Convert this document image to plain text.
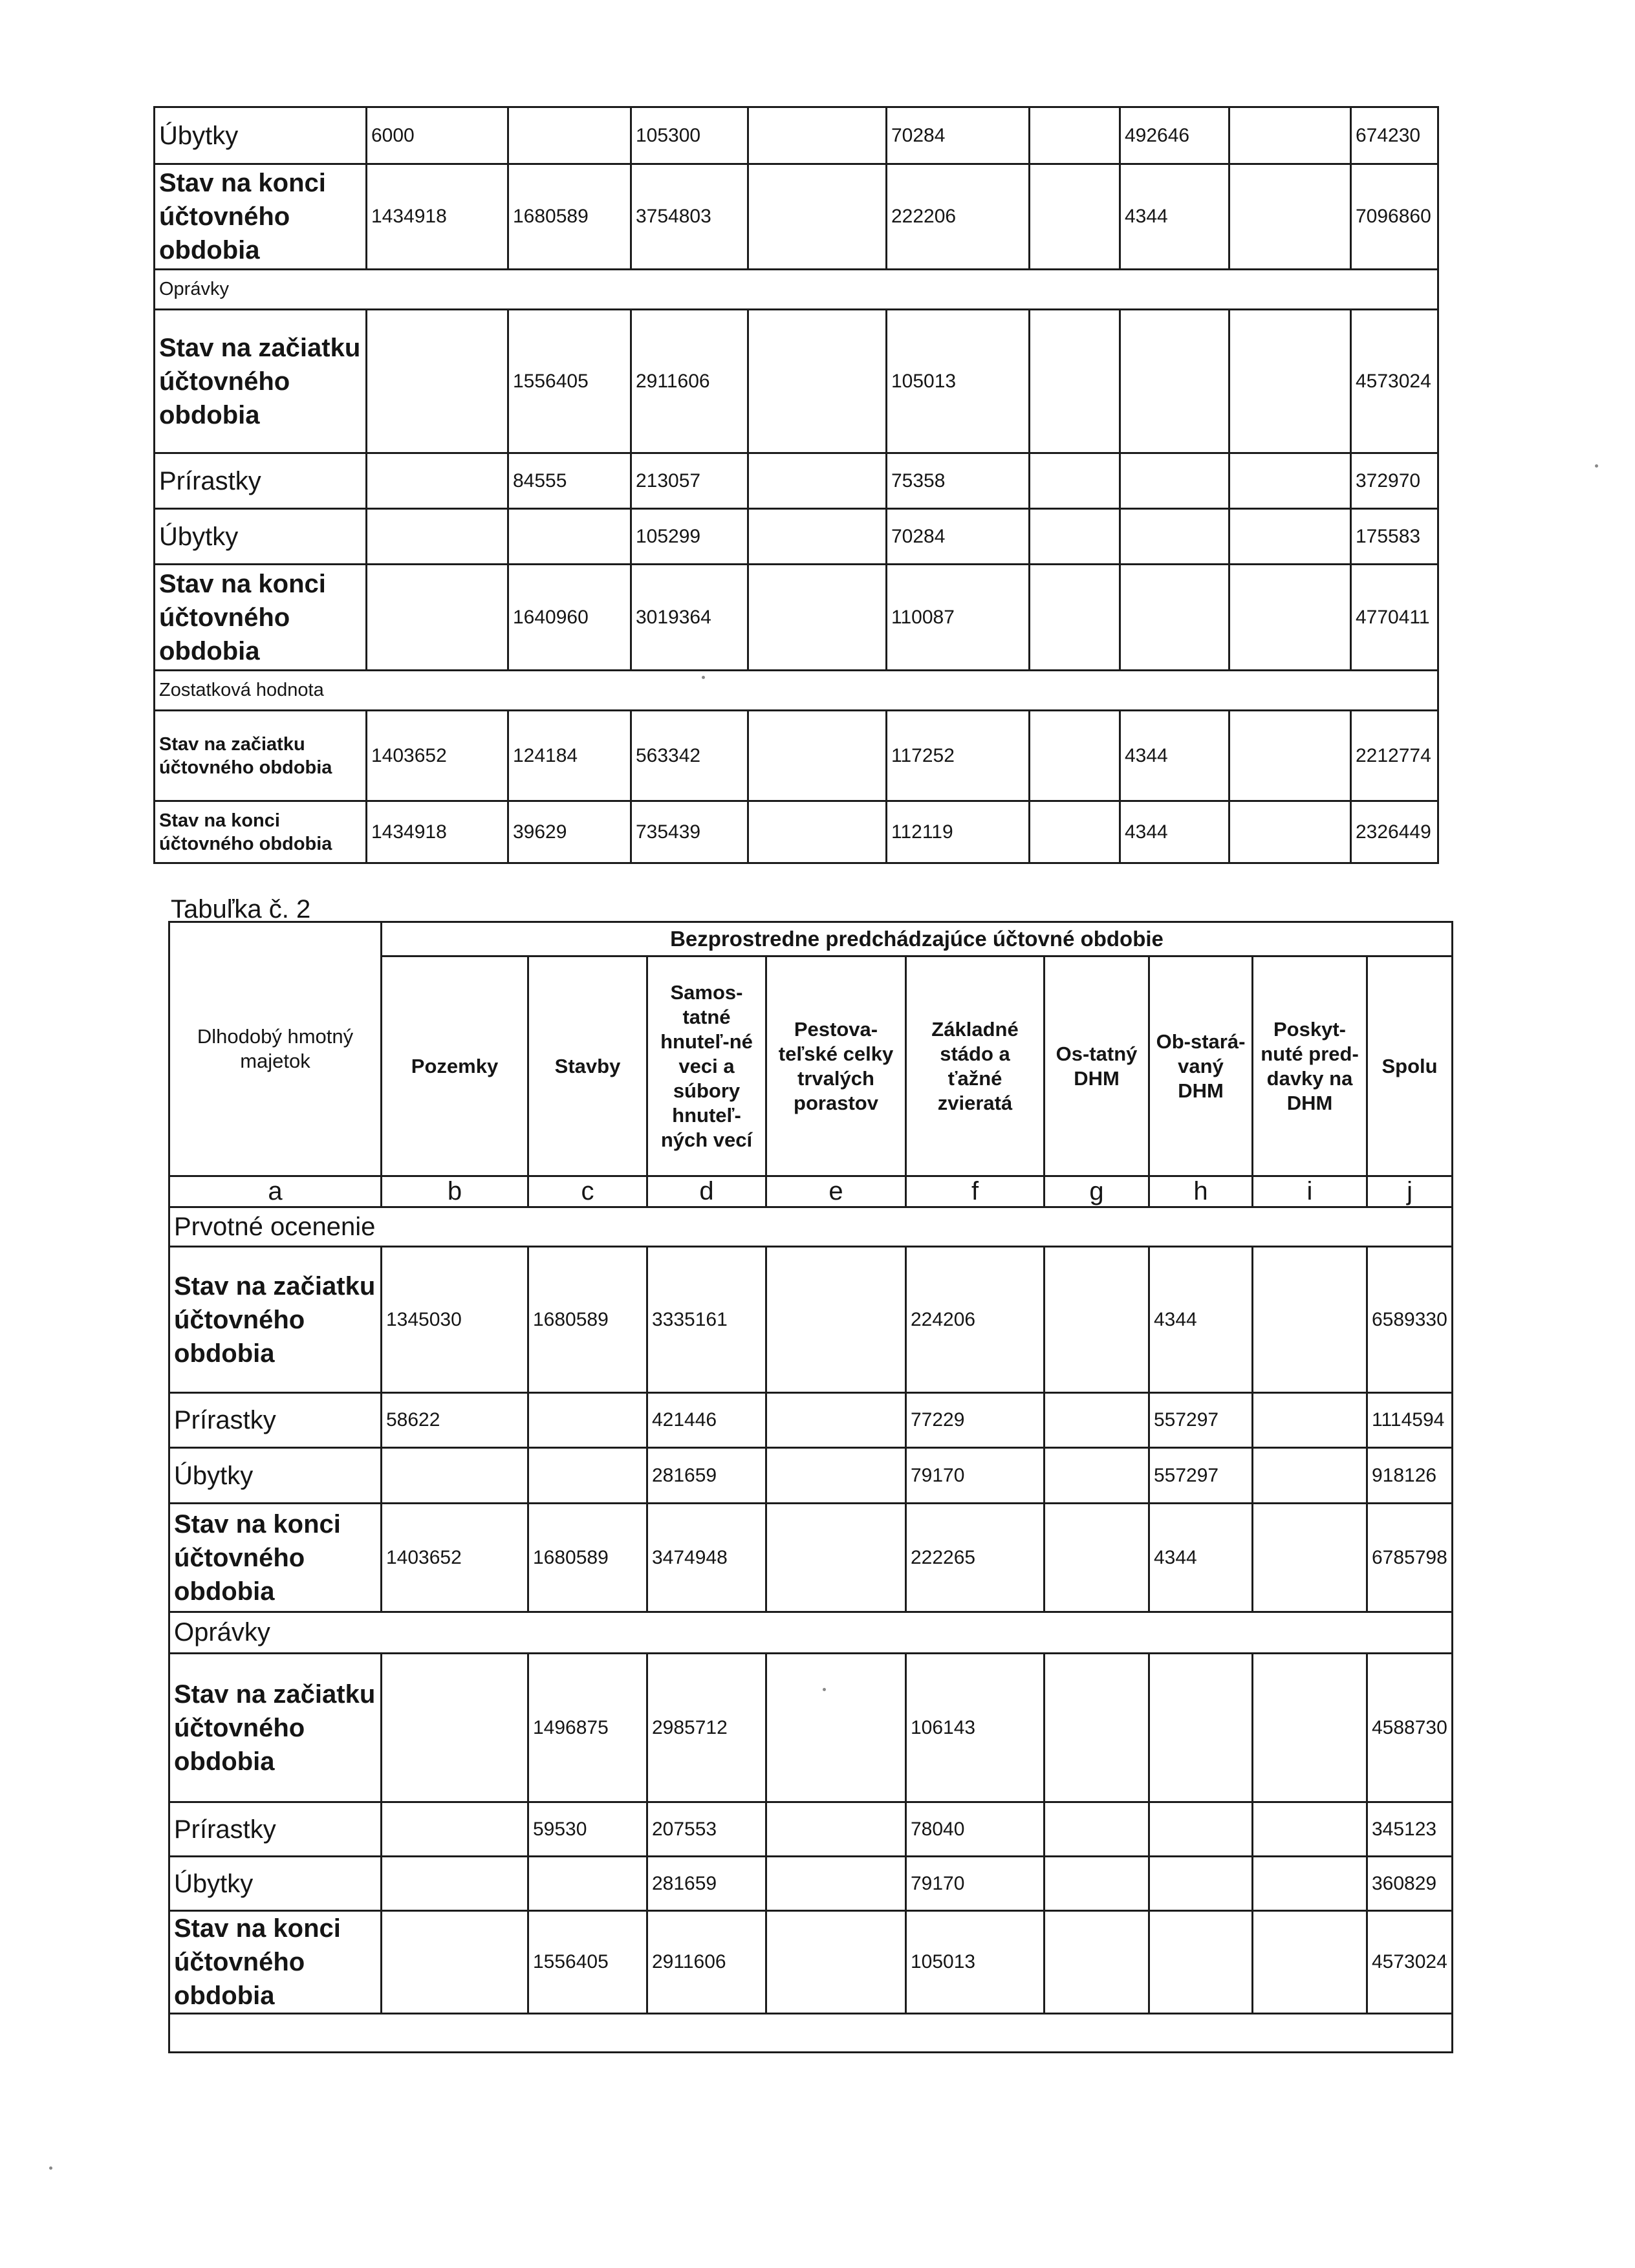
Úbytky	6000		105300		70284		492646		674230
Stav na konci účtovného obdobia	1434918	1680589	3754803		222206		4344		7096860
Oprávky									
Stav na začiatku účtovného obdobia		1556405	2911606		105013				4573024
Prírastky		84555	213057		75358				372970
Úbytky			105299		70284				175583
Stav na konci účtovného obdobia		1640960	3019364		110087				4770411
Zostatková hodnota									
Stav na začiatku účtovného obdobia	1403652	124184	563342		117252		4344		2212774
Stav na konci účtovného obdobia	1434918	39629	735439		112119		4344		2326449
Tabuľka č. 2
Dlhodobý hmotný majetok	Bezprostredne predchádzajúce účtovné obdobie								
	Pozemky	Stavby	Samos- tatné hnuteľ-né veci a súbory hnuteľ- ných vecí	Pestova- teľské celky trvalých porastov	Základné stádo a ťažné zvieratá	Os-tatný DHM	Ob-stará- vaný DHM	Poskyt- nuté pred- davky na DHM	Spolu
a	b	c	d	e	f	g	h	i	j
Prvotné ocenenie									
Stav na začiatku účtovného obdobia	1345030	1680589	3335161		224206		4344		6589330
Prírastky	58622		421446		77229		557297		1114594
Úbytky			281659		79170		557297		918126
Stav na konci účtovného obdobia	1403652	1680589	3474948		222265		4344		6785798
Oprávky									
Stav na začiatku účtovného obdobia		1496875	2985712		106143				4588730
Prírastky		59530	207553		78040				345123
Úbytky			281659		79170				360829
Stav na konci účtovného obdobia		1556405	2911606		105013				4573024
